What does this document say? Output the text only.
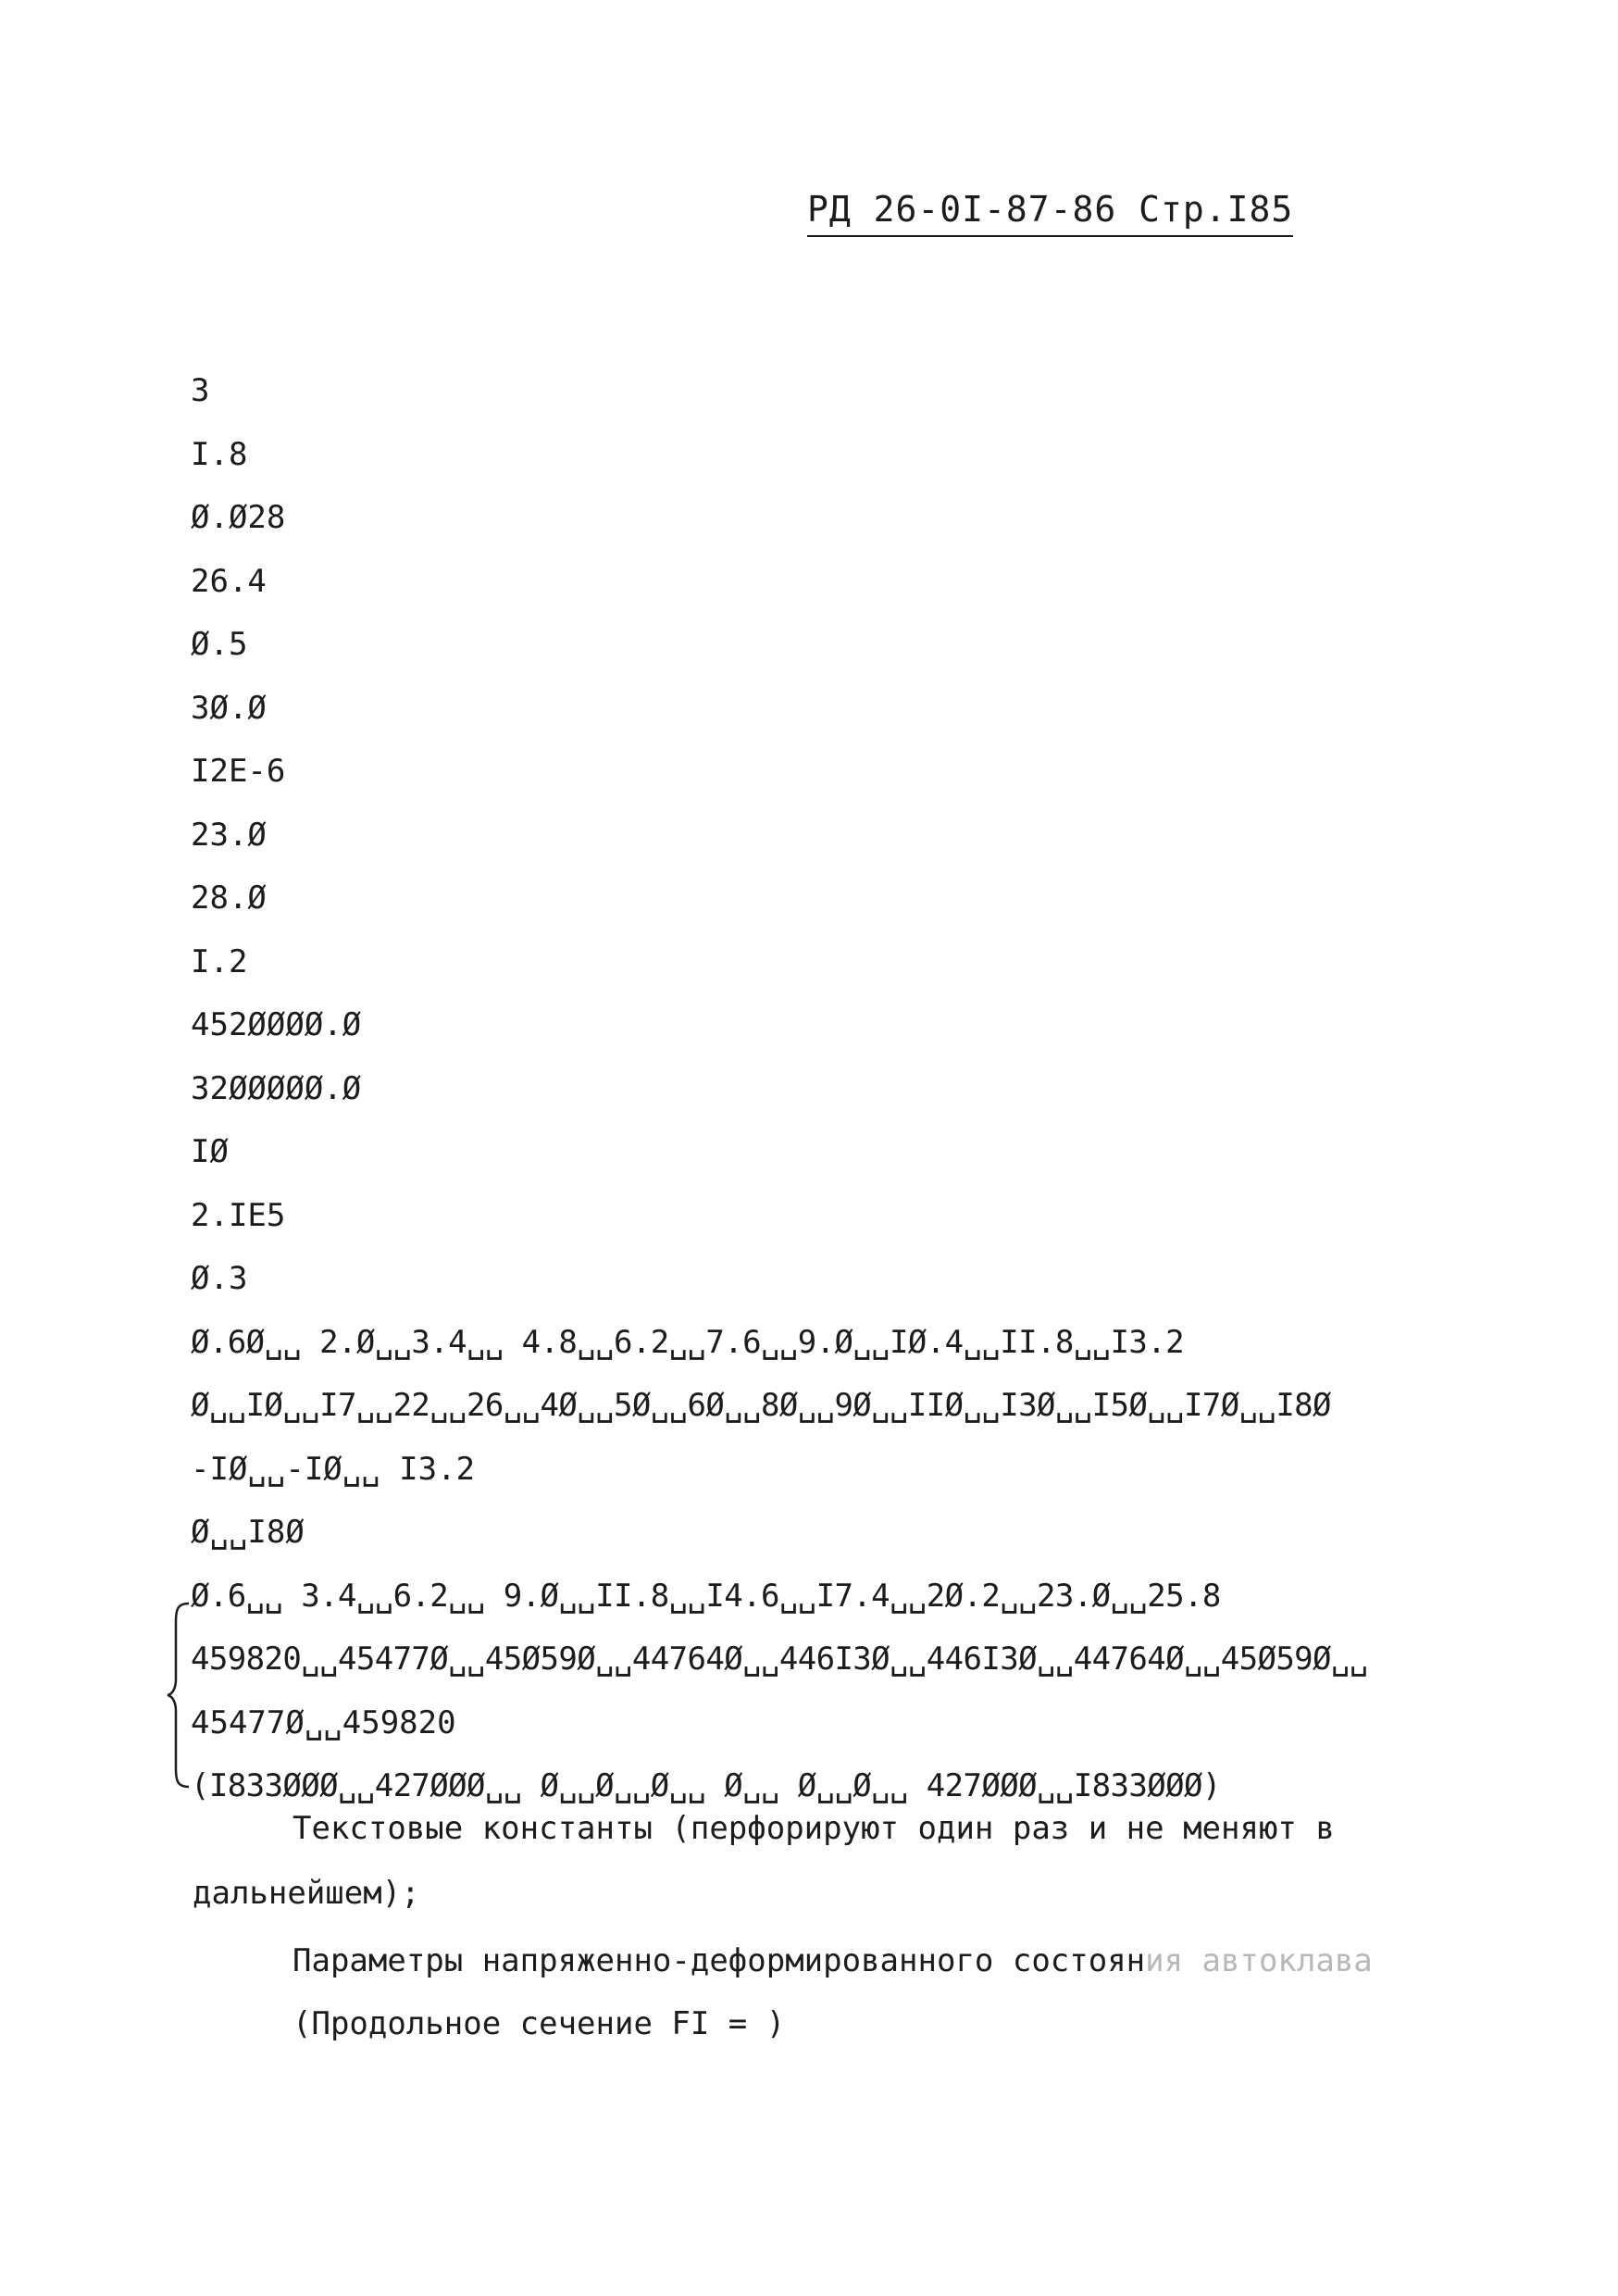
РД 26-0I-87-86 Стр.I85
3
I.8
Ø.Ø28
26.4
Ø.5
3Ø.Ø
I2E-6
23.Ø
28.Ø
I.2
452ØØØØ.Ø
32ØØØØØ.Ø
IØ
2.IE5
Ø.3
Ø.6Ø␣␣ 2.Ø␣␣3.4␣␣ 4.8␣␣6.2␣␣7.6␣␣9.Ø␣␣IØ.4␣␣II.8␣␣I3.2
Ø␣␣IØ␣␣I7␣␣22␣␣26␣␣4Ø␣␣5Ø␣␣6Ø␣␣8Ø␣␣9Ø␣␣IIØ␣␣I3Ø␣␣I5Ø␣␣I7Ø␣␣I8Ø
-IØ␣␣-IØ␣␣ I3.2
Ø␣␣I8Ø
Ø.6␣␣ 3.4␣␣6.2␣␣ 9.Ø␣␣II.8␣␣I4.6␣␣I7.4␣␣2Ø.2␣␣23.Ø␣␣25.8
459820␣␣45477Ø␣␣45Ø59Ø␣␣44764Ø␣␣446I3Ø␣␣446I3Ø␣␣44764Ø␣␣45Ø59Ø␣␣
45477Ø␣␣459820
(I833ØØØ␣␣427ØØØ␣␣ Ø␣␣Ø␣␣Ø␣␣ Ø␣␣ Ø␣␣Ø␣␣ 427ØØØ␣␣I833ØØØ)
Текстовые константы (перфорируют один раз и не меняют в
дальнейшем);
Параметры напряженно-деформированного состояния автоклава
(Продольное сечение FI = )
